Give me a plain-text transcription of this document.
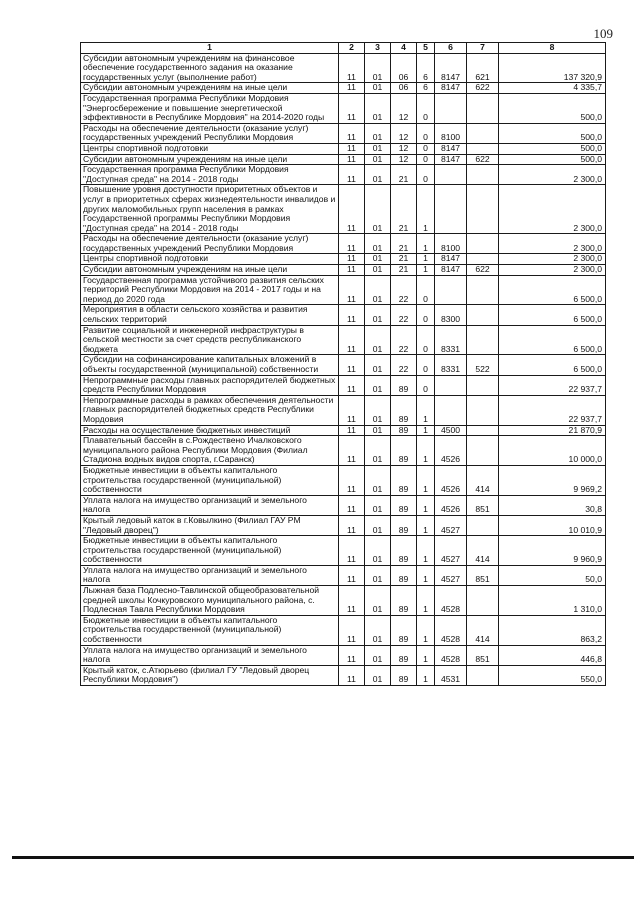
109
1	2	3	4	5	6	7	8
Субсидии автономным учреждениям на финансовое обеспечение государственного задания на оказание государственных услуг (выполнение работ)	11	01	06	6	8147	621	137 320,9
Субсидии автономным учреждениям на иные цели	11	01	06	6	8147	622	4 335,7
Государственная программа Республики Мордовия "Энергосбережение и повышение энергетической эффективности в Республике Мордовия" на 2014-2020 годы	11	01	12	0			500,0
Расходы на обеспечение деятельности (оказание услуг) государственных учреждений Республики Мордовия	11	01	12	0	8100		500,0
Центры спортивной подготовки	11	01	12	0	8147		500,0
Субсидии автономным учреждениям на иные цели	11	01	12	0	8147	622	500,0
Государственная программа Республики Мордовия "Доступная среда" на 2014 - 2018 годы	11	01	21	0			2 300,0
Повышение уровня доступности приоритетных объектов и услуг в приоритетных сферах жизнедеятельности инвалидов и других маломобильных групп населения в рамках Государственной программы Республики Мордовия "Доступная среда" на 2014 - 2018 годы	11	01	21	1			2 300,0
Расходы на обеспечение деятельности (оказание услуг) государственных учреждений Республики Мордовия	11	01	21	1	8100		2 300,0
Центры спортивной подготовки	11	01	21	1	8147		2 300,0
Субсидии автономным учреждениям на иные цели	11	01	21	1	8147	622	2 300,0
Государственная программа устойчивого развития сельских территорий Республики Мордовия на 2014 - 2017 годы и на период до 2020 года	11	01	22	0			6 500,0
Мероприятия в области сельского хозяйства и развития сельских территорий	11	01	22	0	8300		6 500,0
Развитие социальной и инженерной инфраструктуры в сельской местности за счет средств республиканского бюджета	11	01	22	0	8331		6 500,0
Субсидии на софинансирование капитальных вложений в объекты государственной (муниципальной) собственности	11	01	22	0	8331	522	6 500,0
Непрограммные расходы главных распорядителей бюджетных средств Республики Мордовия	11	01	89	0			22 937,7
Непрограммные расходы в рамках обеспечения деятельности главных распорядителей бюджетных средств Республики Мордовия	11	01	89	1			22 937,7
Расходы на осуществление бюджетных инвестиций	11	01	89	1	4500		21 870,9
Плавательный бассейн в с.Рождествено Ичалковского муниципального района Республики Мордовия (Филиал Стадиона водных видов спорта, г.Саранск)	11	01	89	1	4526		10 000,0
Бюджетные инвестиции в объекты капитального строительства государственной (муниципальной) собственности	11	01	89	1	4526	414	9 969,2
Уплата налога на имущество организаций и земельного налога	11	01	89	1	4526	851	30,8
Крытый ледовый каток в г.Ковылкино (Филиал ГАУ РМ "Ледовый дворец")	11	01	89	1	4527		10 010,9
Бюджетные инвестиции в объекты капитального строительства государственной (муниципальной) собственности	11	01	89	1	4527	414	9 960,9
Уплата налога на имущество организаций и земельного налога	11	01	89	1	4527	851	50,0
Лыжная база Подлесно-Тавлинской общеобразовательной средней школы Кочкуровского муниципального района, с. Подлесная Тавла Республики Мордовия	11	01	89	1	4528		1 310,0
Бюджетные инвестиции в объекты капитального строительства государственной (муниципальной) собственности	11	01	89	1	4528	414	863,2
Уплата налога на имущество организаций и земельного налога	11	01	89	1	4528	851	446,8
Крытый каток, с.Атюрьево (филиал ГУ "Ледовый дворец Республики Мордовия")	11	01	89	1	4531		550,0
